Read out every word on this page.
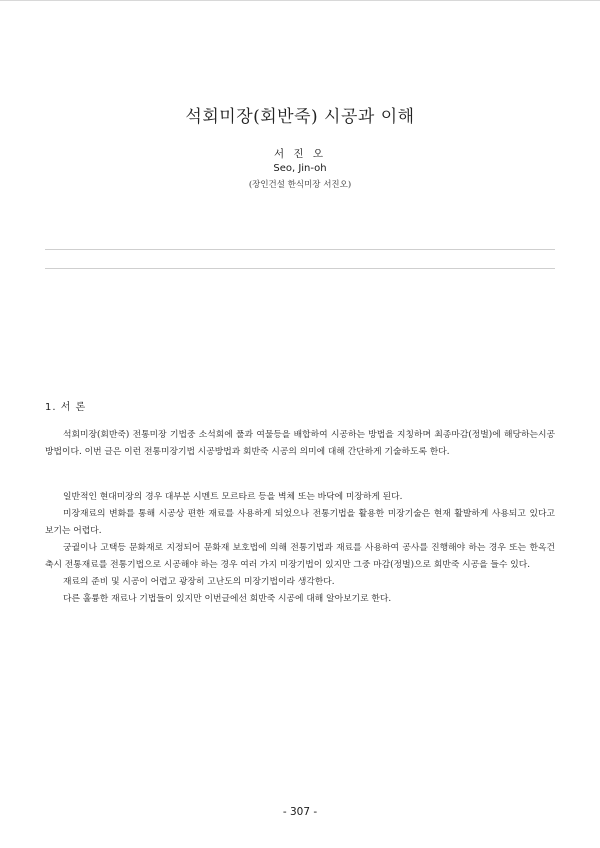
석회미장(회반죽) 시공과 이해
서 진 오
Seo, Jin-oh
(장인건설 한식미장 서진오)
1. 서 론

석회미장(회반죽) 전통미장 기법중 소석회에 풀과 여물등을 배합하여 시공하는 방법을 지칭하며 최종마감(정벌)에 해당하는시공 방법이다. 이번 글은 이런 전통미장기법 시공방법과 회반죽 시공의 의미에 대해 간단하게 기술하도록 한다.

일반적인 현대미장의 경우 대부분 시멘트 모르타르 등을 벽체 또는 바닥에 미장하게 된다.

미장재료의 변화를 통해 시공상 편한 재료를 사용하게 되었으나 전통기법을 활용한 미장기술은 현재 활발하게 사용되고 있다고 보기는 어렵다.

궁궐이나 고택등 문화재로 지정되어 문화재 보호법에 의해 전통기법과 재료를 사용하여 공사를 진행해야 하는 경우 또는 한옥건축시 전통재료를 전통기법으로 시공해야 하는 경우 여러 가지 미장기법이 있지만 그중 마감(정벌)으로 회반죽 시공을 들수 있다.

재료의 준비 및 시공이 어렵고 광장히 고난도의 미장기법이라 생각한다.

다른 훌륭한 재료나 기법들이 있지만 이번글에선 회반죽 시공에 대해 알아보기로 한다.

- 307 -
